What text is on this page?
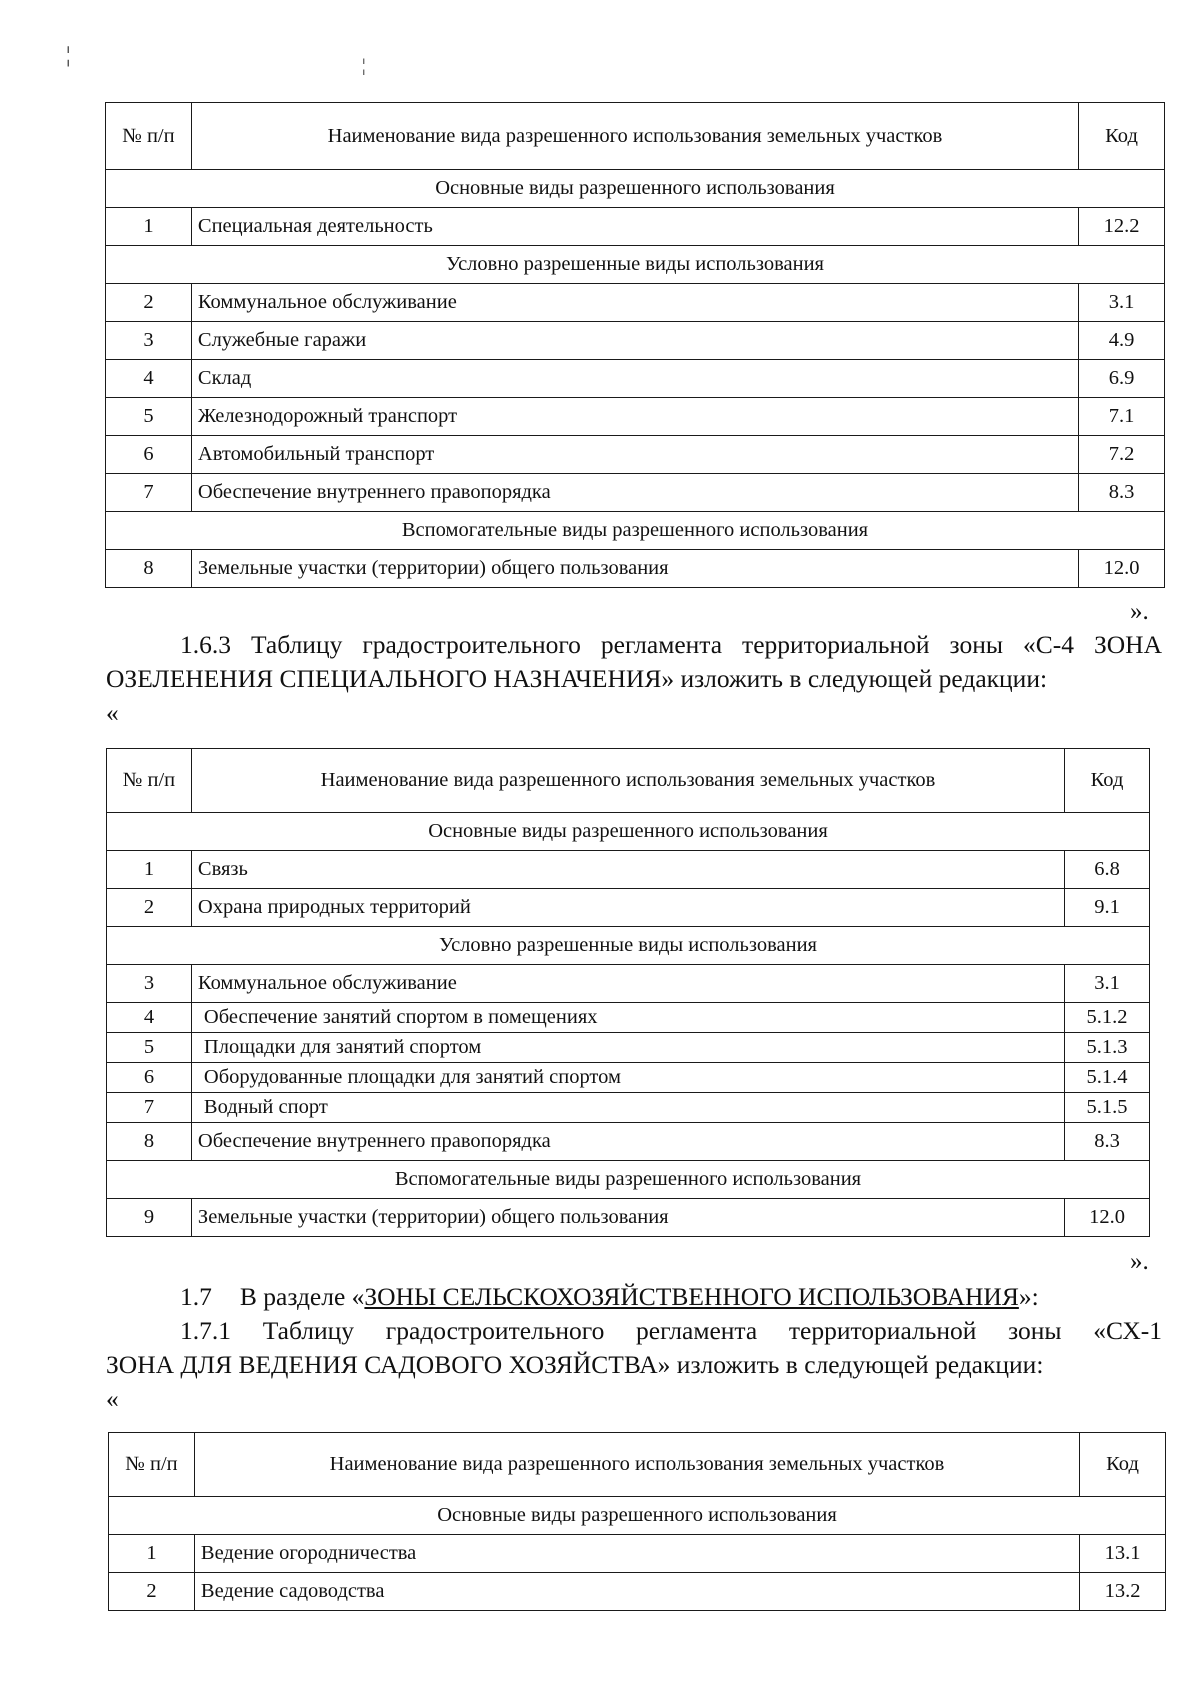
¦	¦
№ п/п	Наименование вида разрешенного использования земельных участков	Код
Основные виды разрешенного использования		
1	Специальная деятельность	12.2
Условно разрешенные виды использования		
2	Коммунальное обслуживание	3.1
3	Служебные гаражи	4.9
4	Склад	6.9
5	Железнодорожный транспорт	7.1
6	Автомобильный транспорт	7.2
7	Обеспечение внутреннего правопорядка	8.3
Вспомогательные виды разрешенного использования		
8	Земельные участки (территории) общего пользования	12.0
».
1.6.3 Таблицу градостроительного регламента территориальной зоны «С-4 ЗОНА
ОЗЕЛЕНЕНИЯ СПЕЦИАЛЬНОГО НАЗНАЧЕНИЯ» изложить в следующей редакции:
«
№ п/п	Наименование вида разрешенного использования земельных участков	Код
Основные виды разрешенного использования		
1	Связь	6.8
2	Охрана природных территорий	9.1
Условно разрешенные виды использования		
3	Коммунальное обслуживание	3.1
4	Обеспечение занятий спортом в помещениях	5.1.2
5	Площадки для занятий спортом	5.1.3
6	Оборудованные площадки для занятий спортом	5.1.4
7	Водный спорт	5.1.5
8	Обеспечение внутреннего правопорядка	8.3
Вспомогательные виды разрешенного использования		
9	Земельные участки (территории) общего пользования	12.0
».
1.7 В разделе «ЗОНЫ СЕЛЬСКОХОЗЯЙСТВЕННОГО ИСПОЛЬЗОВАНИЯ»:
1.7.1 Таблицу градостроительного регламента территориальной зоны «СХ-1
ЗОНА ДЛЯ ВЕДЕНИЯ САДОВОГО ХОЗЯЙСТВА» изложить в следующей редакции:
«
№ п/п	Наименование вида разрешенного использования земельных участков	Код
Основные виды разрешенного использования		
1	Ведение огородничества	13.1
2	Ведение садоводства	13.2
